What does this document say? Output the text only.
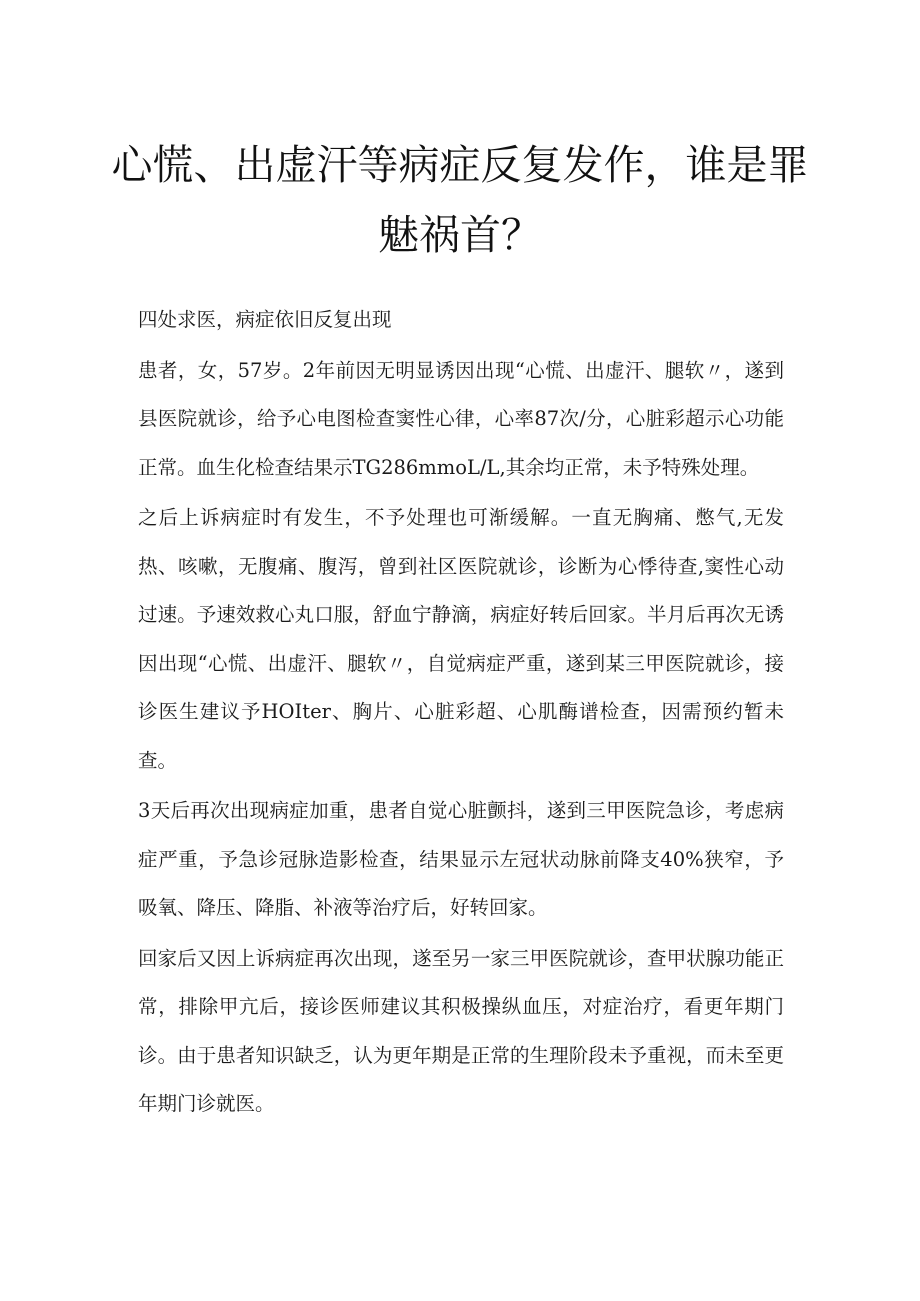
心慌、出虚汗等病症反复发作，谁是罪魅祸首？

四处求医，病症依旧反复出现

患者，女，57岁。2年前因无明显诱因出现“心慌、出虚汗、腿软〃，遂到县医院就诊，给予心电图检查窦性心律，心率87次/分，心脏彩超示心功能正常。血生化检查结果示TG286mmoL/L,其余均正常，未予特殊处理。

之后上诉病症时有发生，不予处理也可渐缓解。一直无胸痛、憋气,无发热、咳嗽，无腹痛、腹泻，曾到社区医院就诊，诊断为心悸待查,窦性心动过速。予速效救心丸口服，舒血宁静滴，病症好转后回家。半月后再次无诱因出现“心慌、出虚汗、腿软〃，自觉病症严重，遂到某三甲医院就诊，接诊医生建议予HOIter、胸片、心脏彩超、心肌酶谱检查，因需预约暂未查。

3天后再次出现病症加重，患者自觉心脏颤抖，遂到三甲医院急诊，考虑病症严重，予急诊冠脉造影检查，结果显示左冠状动脉前降支40%狭窄，予吸氧、降压、降脂、补液等治疗后，好转回家。

回家后又因上诉病症再次出现，遂至另一家三甲医院就诊，查甲状腺功能正常，排除甲亢后，接诊医师建议其积极操纵血压，对症治疗，看更年期门诊。由于患者知识缺乏，认为更年期是正常的生理阶段未予重视，而未至更年期门诊就医。
